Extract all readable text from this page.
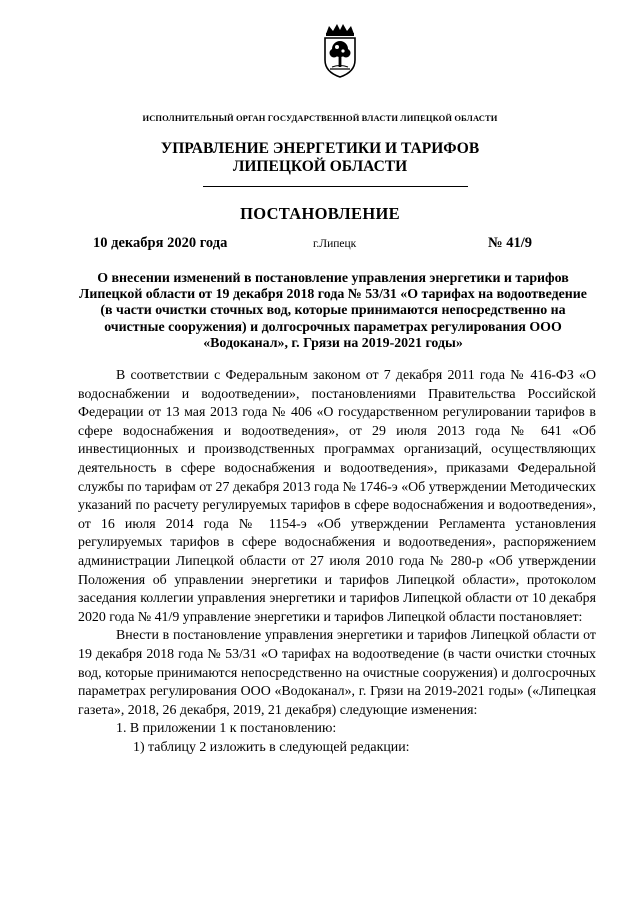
ИСПОЛНИТЕЛЬНЫЙ ОРГАН ГОСУДАРСТВЕННОЙ ВЛАСТИ ЛИПЕЦКОЙ ОБЛАСТИ
УПРАВЛЕНИЕ ЭНЕРГЕТИКИ И ТАРИФОВ
ЛИПЕЦКОЙ ОБЛАСТИ
ПОСТАНОВЛЕНИЕ
10 декабря 2020 года	г.Липецк	№ 41/9
О внесении изменений в постановление управления энергетики и тарифов Липецкой области от 19 декабря 2018 года № 53/31 «О тарифах на водоотведение (в части очистки сточных вод, которые принимаются непосредственно на очистные сооружения) и долгосрочных параметрах регулирования ООО «Водоканал», г. Грязи на 2019-2021 годы»

В соответствии с Федеральным законом от 7 декабря 2011 года № 416-ФЗ «О водоснабжении и водоотведении», постановлениями Правительства Российской Федерации от 13 мая 2013 года № 406 «О государственном регулировании тарифов в сфере водоснабжения и водоотведения», от 29 июля 2013 года № 641 «Об инвестиционных и производственных программах организаций, осуществляющих деятельность в сфере водоснабжения и водоотведения», приказами Федеральной службы по тарифам от 27 декабря 2013 года № 1746-э «Об утверждении Методических указаний по расчету регулируемых тарифов в сфере водоснабжения и водоотведения», от 16 июля 2014 года № 1154-э «Об утверждении Регламента установления регулируемых тарифов в сфере водоснабжения и водоотведения», распоряжением администрации Липецкой области от 27 июля 2010 года № 280-р «Об утверждении Положения об управлении энергетики и тарифов Липецкой области», протоколом заседания коллегии управления энергетики и тарифов Липецкой области от 10 декабря 2020 года № 41/9 управление энергетики и тарифов Липецкой области постановляет:

Внести в постановление управления энергетики и тарифов Липецкой области от 19 декабря 2018 года № 53/31 «О тарифах на водоотведение (в части очистки сточных вод, которые принимаются непосредственно на очистные сооружения) и долгосрочных параметрах регулирования ООО «Водоканал», г. Грязи на 2019-2021 годы» («Липецкая газета», 2018, 26 декабря, 2019, 21 декабря) следующие изменения:

1. В приложении 1 к постановлению:

1) таблицу 2 изложить в следующей редакции:
